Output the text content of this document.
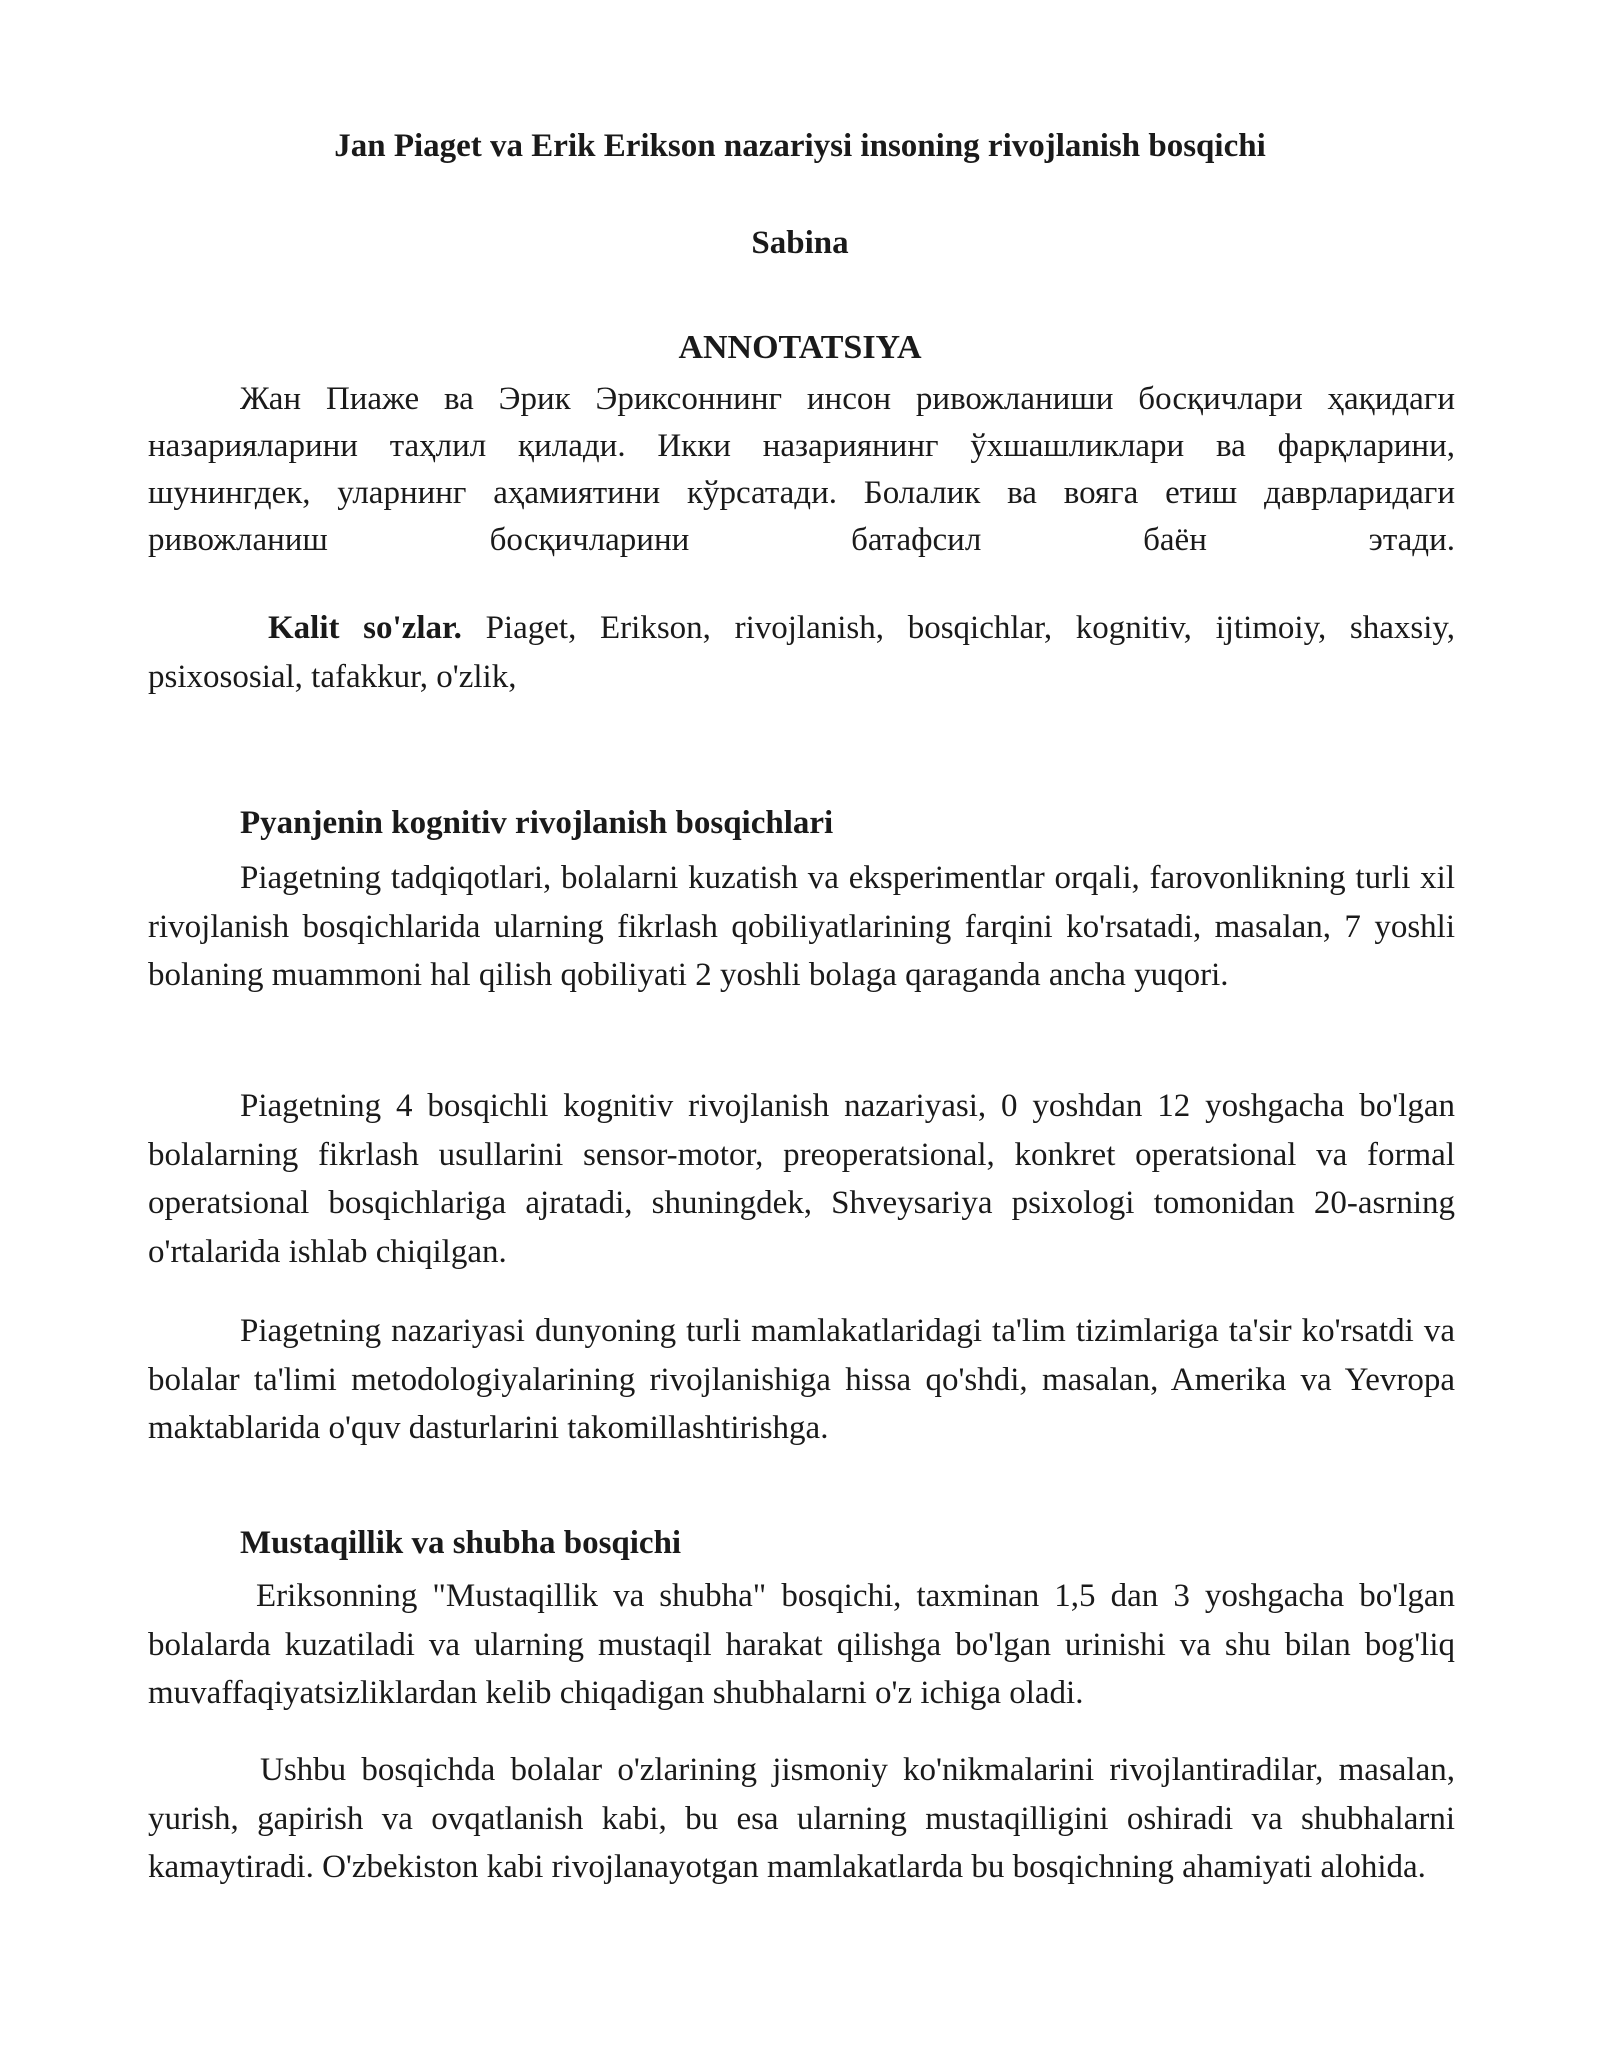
Jan Piaget va Erik Erikson nazariysi insoning rivojlanish bosqichi
Sabina
ANNOTATSIYA
Жан Пиаже ва Эрик Эриксоннинг инсон ривожланиши босқичлари ҳақидаги назарияларини таҳлил қилади. Икки назариянинг ўхшашликлари ва фарқларини, шунингдек, уларнинг аҳамиятини кўрсатади. Болалик ва вояга етиш даврларидаги ривожланиш босқичларини батафсил баён этади.
Kalit so'zlar. Piaget, Erikson, rivojlanish, bosqichlar, kognitiv, ijtimoiy, shaxsiy, psixososial, tafakkur, o'zlik,
Pyanjenin kognitiv rivojlanish bosqichlari
Piagetning tadqiqotlari, bolalarni kuzatish va eksperimentlar orqali, farovonlikning turli xil rivojlanish bosqichlarida ularning fikrlash qobiliyatlarining farqini ko'rsatadi, masalan, 7 yoshli bolaning muammoni hal qilish qobiliyati 2 yoshli bolaga qaraganda ancha yuqori.
Piagetning 4 bosqichli kognitiv rivojlanish nazariyasi, 0 yoshdan 12 yoshgacha bo'lgan bolalarning fikrlash usullarini sensor-motor, preoperatsional, konkret operatsional va formal operatsional bosqichlariga ajratadi, shuningdek, Shveysariya psixologi tomonidan 20-asrning o'rtalarida ishlab chiqilgan.
Piagetning nazariyasi dunyoning turli mamlakatlaridagi ta'lim tizimlariga ta'sir ko'rsatdi va bolalar ta'limi metodologiyalarining rivojlanishiga hissa qo'shdi, masalan, Amerika va Yevropa maktablarida o'quv dasturlarini takomillashtirishga.
Mustaqillik va shubha bosqichi
Eriksonning "Mustaqillik va shubha" bosqichi, taxminan 1,5 dan 3 yoshgacha bo'lgan bolalarda kuzatiladi va ularning mustaqil harakat qilishga bo'lgan urinishi va shu bilan bog'liq muvaffaqiyatsizliklardan kelib chiqadigan shubhalarni o'z ichiga oladi.
Ushbu bosqichda bolalar o'zlarining jismoniy ko'nikmalarini rivojlantiradilar, masalan, yurish, gapirish va ovqatlanish kabi, bu esa ularning mustaqilligini oshiradi va shubhalarni kamaytiradi. O'zbekiston kabi rivojlanayotgan mamlakatlarda bu bosqichning ahamiyati alohida.
